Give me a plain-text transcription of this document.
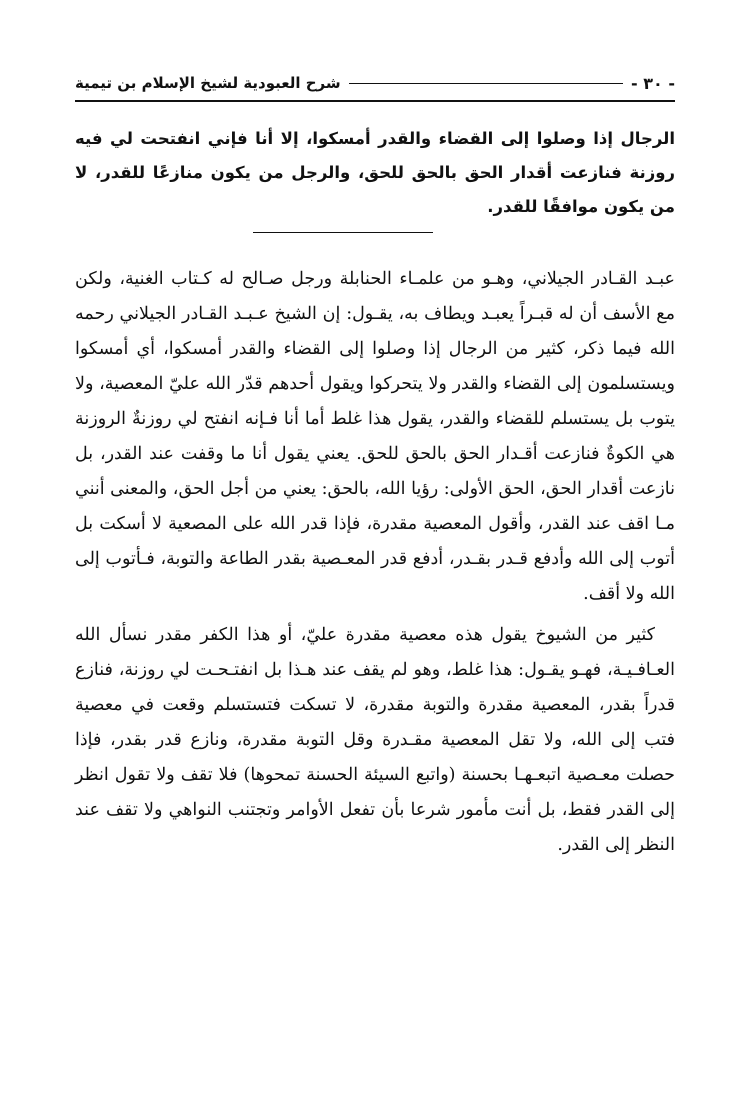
- ٣٠ -
شرح العبودية لشيخ الإسلام بن تيمية
الرجال إذا وصلوا إلى القضاء والقدر أمسكوا، إلا أنا فإني انفتحت لي فيه روزنة فنازعت أقدار الحق بالحق للحق، والرجل من يكون منازعًا للقدر، لا من يكون موافقًا للقدر.

عبـد القـادر الجيلاني، وهـو من علمـاء الحنابلة ورجل صـالح له كـتاب الغنية، ولكن مع الأسف أن له قبـراً يعبـد ويطاف به، يقـول: إن الشيخ عـبـد القـادر الجيلاني رحمه الله فيما ذكر، كثير من الرجال إذا وصلوا إلى القضاء والقدر أمسكوا، أي أمسكوا ويستسلمون إلى القضاء والقدر ولا يتحركوا ويقول أحدهم قدّر الله عليّ المعصية، ولا يتوب بل يستسلم للقضاء والقدر، يقول هذا غلط أما أنا فـإنه انفتح لي روزنةٌ الروزنة هي الكوةٌ فنازعت أقـدار الحق بالحق للحق. يعني يقول أنا ما وقفت عند القدر، بل نازعت أقدار الحق، الحق الأولى: رؤيا الله، بالحق: يعني من أجل الحق، والمعنى أنني مـا اقف عند القدر، وأقول المعصية مقدرة، فإذا قدر الله على المصعية لا أسكت بل أتوب إلى الله وأدفع قـدر بقـدر، أدفع قدر المعـصية بقدر الطاعة والتوبة، فـأتوب إلى الله ولا أقف.

كثير من الشيوخ يقول هذه معصية مقدرة عليّ، أو هذا الكفر مقدر نسأل الله العـافـيـة، فهـو يقـول: هذا غلط، وهو لم يقف عند هـذا بل انفتـحـت لي روزنة، فنازع قدراً بقدر، المعصية مقدرة والتوبة مقدرة، لا تسكت فتستسلم وقعت في معصية فتب إلى الله، ولا تقل المعصية مقـدرة وقل التوبة مقدرة، ونازع قدر بقدر، فإذا حصلت معـصية اتبعـهـا بحسنة (واتبع السيئة الحسنة تمحوها) فلا تقف ولا تقول انظر إلى القدر فقط، بل أنت مأمور شرعا بأن تفعل الأوامر وتجتنب النواهي ولا تقف عند النظر إلى القدر.
